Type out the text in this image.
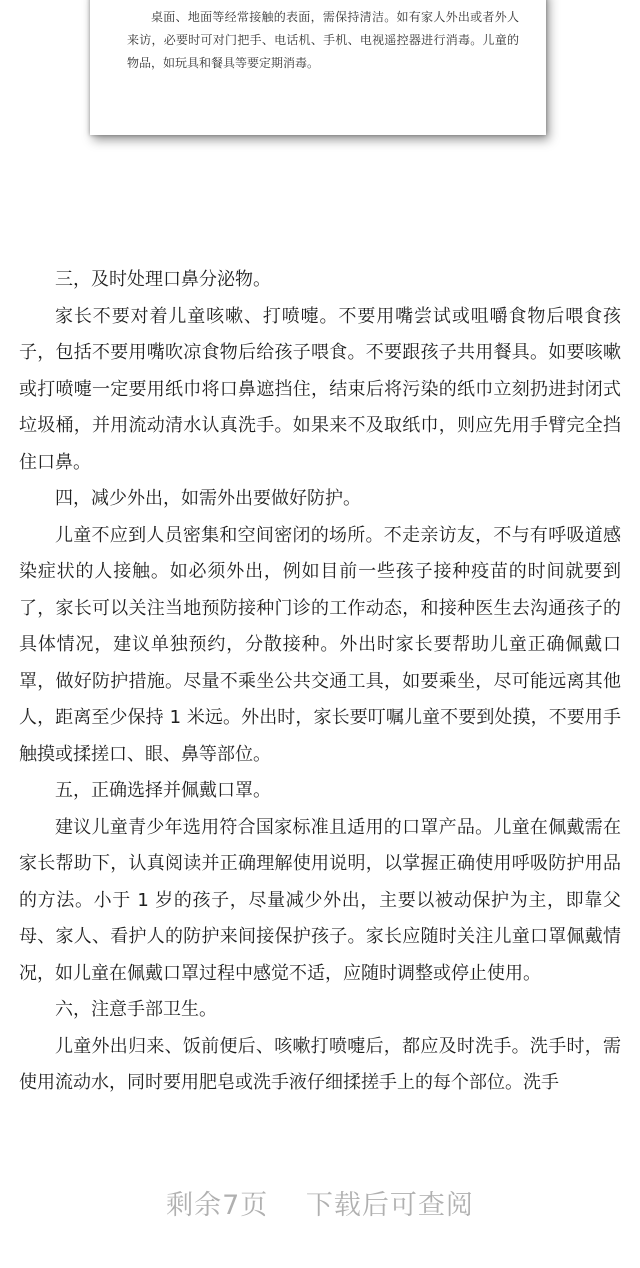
桌面、地面等经常接触的表面，需保持清洁。如有家人外出或者外人来访，必要时可对门把手、电话机、手机、电视遥控器进行消毒。儿童的物品，如玩具和餐具等要定期消毒。

三，及时处理口鼻分泌物。

家长不要对着儿童咳嗽、打喷嚏。不要用嘴尝试或咀嚼食物后喂食孩子，包括不要用嘴吹凉食物后给孩子喂食。不要跟孩子共用餐具。如要咳嗽或打喷嚏一定要用纸巾将口鼻遮挡住，结束后将污染的纸巾立刻扔进封闭式垃圾桶，并用流动清水认真洗手。如果来不及取纸巾，则应先用手臂完全挡住口鼻。

四，减少外出，如需外出要做好防护。

儿童不应到人员密集和空间密闭的场所。不走亲访友，不与有呼吸道感染症状的人接触。如必须外出，例如目前一些孩子接种疫苗的时间就要到了，家长可以关注当地预防接种门诊的工作动态，和接种医生去沟通孩子的具体情况，建议单独预约，分散接种。外出时家长要帮助儿童正确佩戴口罩，做好防护措施。尽量不乘坐公共交通工具，如要乘坐，尽可能远离其他人，距离至少保持 1 米远。外出时，家长要叮嘱儿童不要到处摸，不要用手触摸或揉搓口、眼、鼻等部位。

五，正确选择并佩戴口罩。

建议儿童青少年选用符合国家标准且适用的口罩产品。儿童在佩戴需在家长帮助下，认真阅读并正确理解使用说明，以掌握正确使用呼吸防护用品的方法。小于 1 岁的孩子，尽量减少外出，主要以被动保护为主，即靠父母、家人、看护人的防护来间接保护孩子。家长应随时关注儿童口罩佩戴情况，如儿童在佩戴口罩过程中感觉不适，应随时调整或停止使用。

六，注意手部卫生。

儿童外出归来、饭前便后、咳嗽打喷嚏后，都应及时洗手。洗手时，需使用流动水，同时要用肥皂或洗手液仔细揉搓手上的每个部位。洗手

剩余7页 下载后可查阅
